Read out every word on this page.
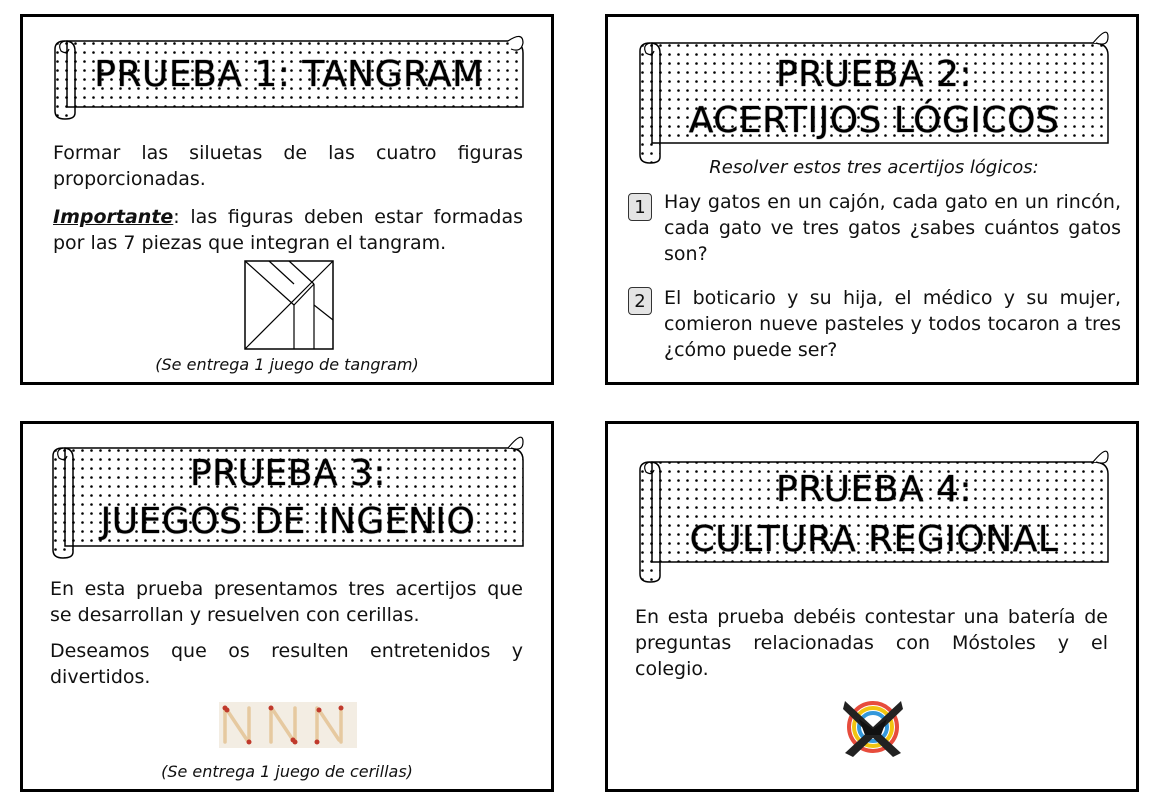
PRUEBA 1: TANGRAM
Formar las siluetas de las cuatro figuras proporcionadas.
Importante: las figuras deben estar formadas por las 7 piezas que integran el tangram.
(Se entrega 1 juego de tangram)
PRUEBA 2:
ACERTIJOS LÓGICOS
Resolver estos tres acertijos lógicos:
1 Hay gatos en un cajón, cada gato en un rincón, cada gato ve tres gatos ¿sabes cuántos gatos son?
2 El boticario y su hija, el médico y su mujer, comieron nueve pasteles y todos tocaron a tres ¿cómo puede ser?
PRUEBA 3:
JUEGOS DE INGENIO
En esta prueba presentamos tres acertijos que se desarrollan y resuelven con cerillas.
Deseamos que os resulten entretenidos y divertidos.
(Se entrega 1 juego de cerillas)
PRUEBA 4:
CULTURA REGIONAL
En esta prueba debéis contestar una batería de preguntas relacionadas con Móstoles y el colegio.
